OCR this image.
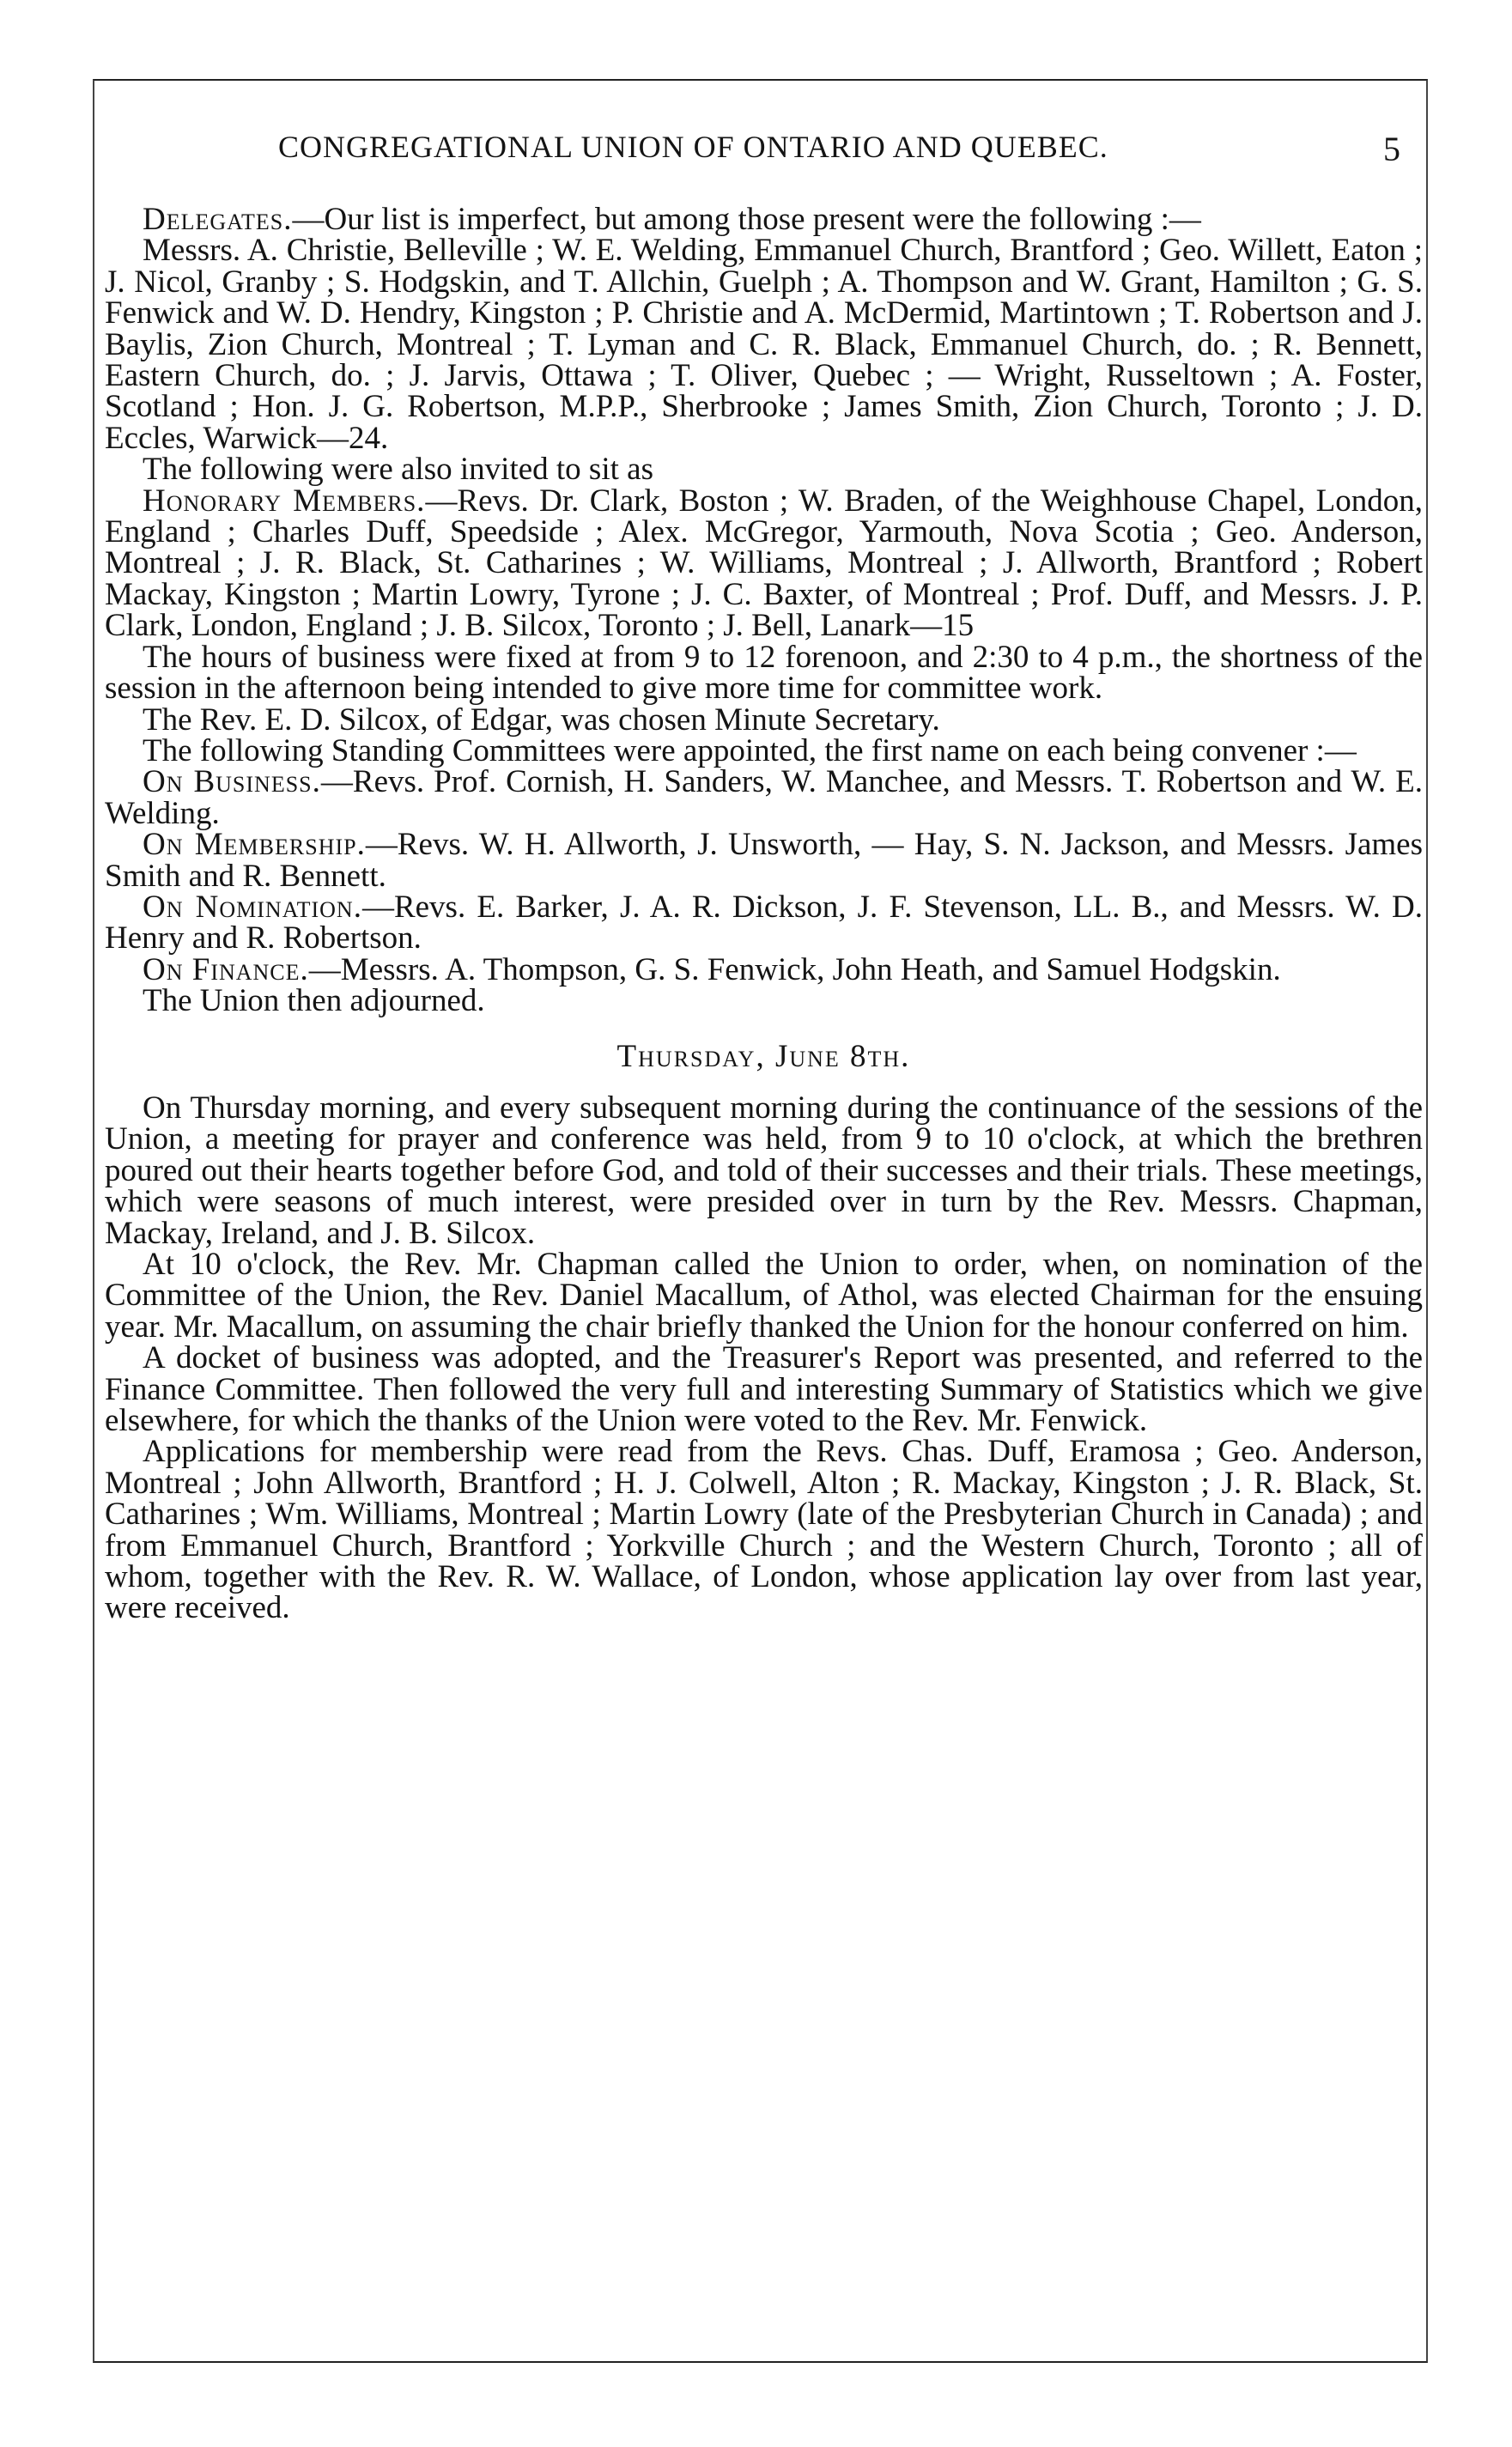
CONGREGATIONAL UNION OF ONTARIO AND QUEBEC.	5

Delegates.—Our list is imperfect, but among those present were the following :—

Messrs. A. Christie, Belleville ; W. E. Welding, Emmanuel Church, Brantford ; Geo. Willett, Eaton ; J. Nicol, Granby ; S. Hodgskin, and T. Allchin, Guelph ; A. Thompson and W. Grant, Hamilton ; G. S. Fenwick and W. D. Hendry, Kingston ; P. Christie and A. McDermid, Martintown ; T. Robertson and J. Baylis, Zion Church, Montreal ; T. Lyman and C. R. Black, Emmanuel Church, do. ; R. Bennett, Eastern Church, do. ; J. Jarvis, Ottawa ; T. Oliver, Quebec ; — Wright, Russeltown ; A. Foster, Scotland ; Hon. J. G. Robertson, M.P.P., Sherbrooke ; James Smith, Zion Church, Toronto ; J. D. Eccles, Warwick—24.

The following were also invited to sit as

Honorary Members.—Revs. Dr. Clark, Boston ; W. Braden, of the Weighhouse Chapel, London, England ; Charles Duff, Speedside ; Alex. McGregor, Yarmouth, Nova Scotia ; Geo. Anderson, Montreal ; J. R. Black, St. Catharines ; W. Williams, Montreal ; J. Allworth, Brantford ; Robert Mackay, Kingston ; Martin Lowry, Tyrone ; J. C. Baxter, of Montreal ; Prof. Duff, and Messrs. J. P. Clark, London, England ; J. B. Silcox, Toronto ; J. Bell, Lanark—15

The hours of business were fixed at from 9 to 12 forenoon, and 2:30 to 4 p.m., the shortness of the session in the afternoon being intended to give more time for committee work.

The Rev. E. D. Silcox, of Edgar, was chosen Minute Secretary.

The following Standing Committees were appointed, the first name on each being convener :—

On Business.—Revs. Prof. Cornish, H. Sanders, W. Manchee, and Messrs. T. Robertson and W. E. Welding.

On Membership.—Revs. W. H. Allworth, J. Unsworth, — Hay, S. N. Jackson, and Messrs. James Smith and R. Bennett.

On Nomination.—Revs. E. Barker, J. A. R. Dickson, J. F. Stevenson, LL. B., and Messrs. W. D. Henry and R. Robertson.

On Finance.—Messrs. A. Thompson, G. S. Fenwick, John Heath, and Samuel Hodgskin.

The Union then adjourned.

Thursday, June 8th.

On Thursday morning, and every subsequent morning during the continuance of the sessions of the Union, a meeting for prayer and conference was held, from 9 to 10 o'clock, at which the brethren poured out their hearts together before God, and told of their successes and their trials. These meetings, which were seasons of much interest, were presided over in turn by the Rev. Messrs. Chapman, Mackay, Ireland, and J. B. Silcox.

At 10 o'clock, the Rev. Mr. Chapman called the Union to order, when, on nomination of the Committee of the Union, the Rev. Daniel Macallum, of Athol, was elected Chairman for the ensuing year. Mr. Macallum, on assuming the chair briefly thanked the Union for the honour conferred on him.

A docket of business was adopted, and the Treasurer's Report was presented, and referred to the Finance Committee. Then followed the very full and interesting Summary of Statistics which we give elsewhere, for which the thanks of the Union were voted to the Rev. Mr. Fenwick.

Applications for membership were read from the Revs. Chas. Duff, Eramosa ; Geo. Anderson, Montreal ; John Allworth, Brantford ; H. J. Colwell, Alton ; R. Mackay, Kingston ; J. R. Black, St. Catharines ; Wm. Williams, Montreal ; Martin Lowry (late of the Presbyterian Church in Canada) ; and from Emmanuel Church, Brantford ; Yorkville Church ; and the Western Church, Toronto ; all of whom, together with the Rev. R. W. Wallace, of London, whose application lay over from last year, were received.
